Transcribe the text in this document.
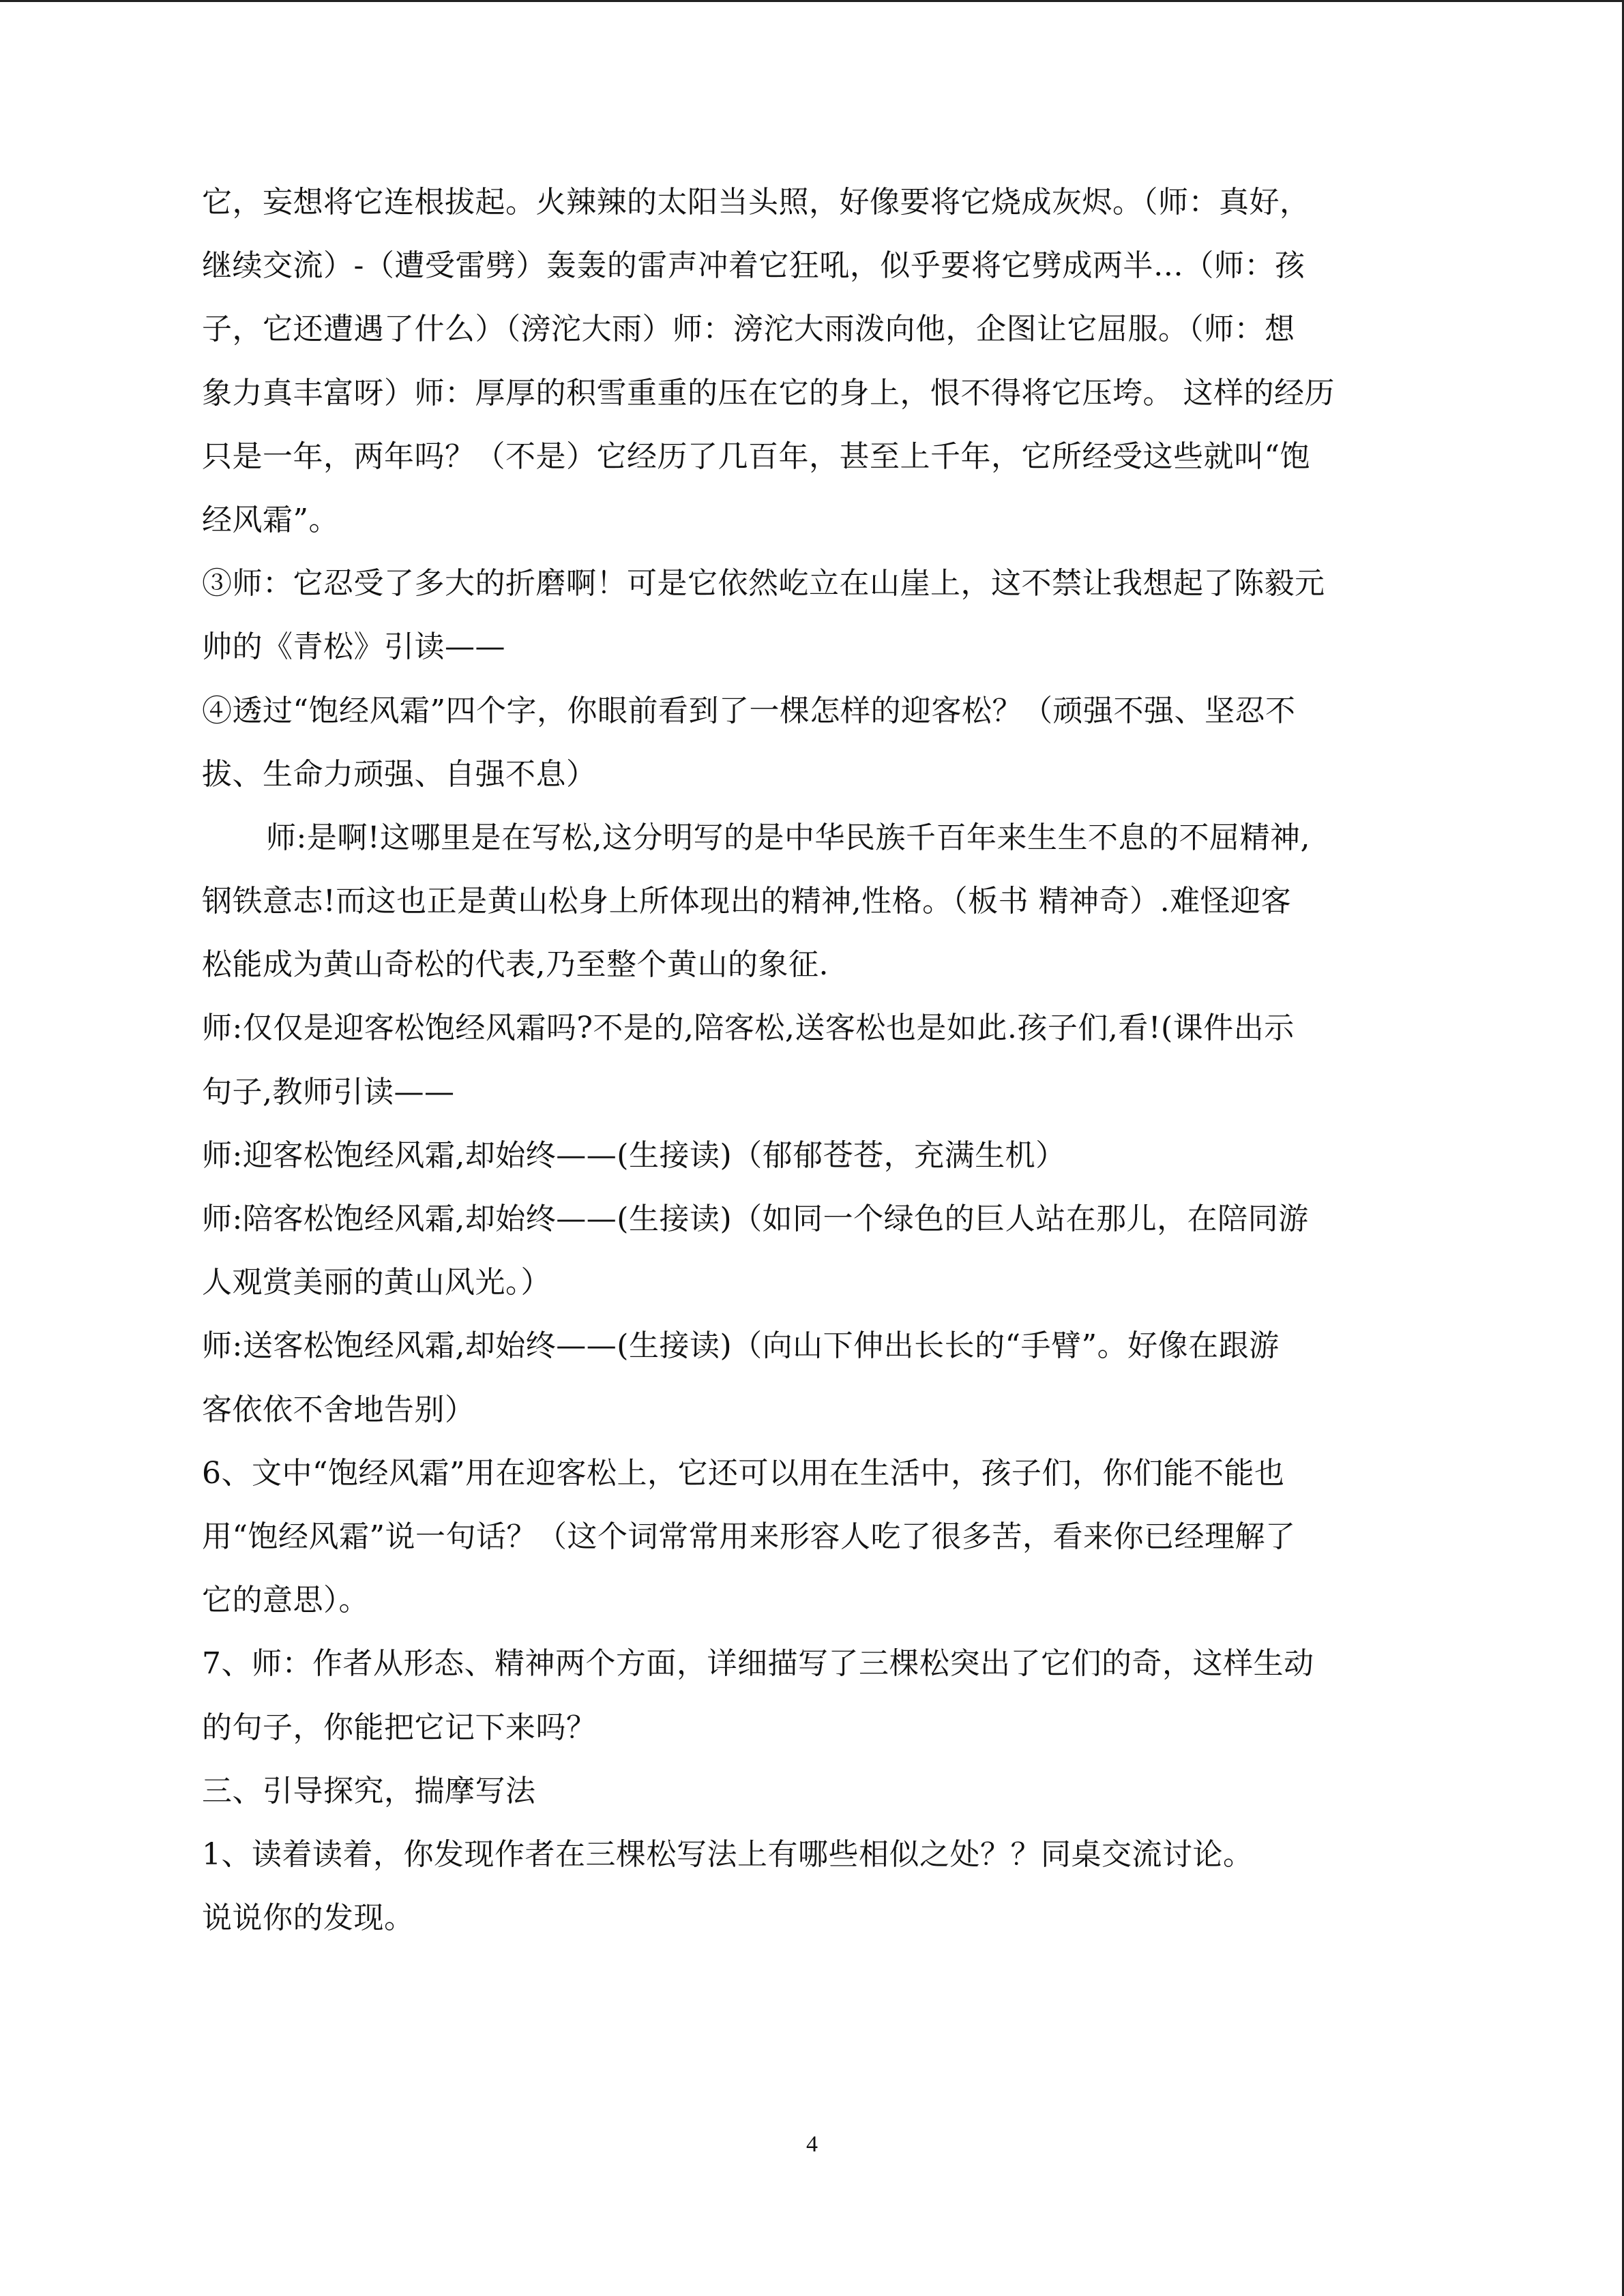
它，妄想将它连根拔起。火辣辣的太阳当头照，好像要将它烧成灰烬。（师：真好，

继续交流）-（遭受雷劈）轰轰的雷声冲着它狂吼，似乎要将它劈成两半…（师：孩

子，它还遭遇了什么）（滂沱大雨）师：滂沱大雨泼向他，企图让它屈服。（师：想

象力真丰富呀）师：厚厚的积雪重重的压在它的身上，恨不得将它压垮。 这样的经历

只是一年，两年吗？（不是）它经历了几百年，甚至上千年，它所经受这些就叫“饱

经风霜”。

③师：它忍受了多大的折磨啊！可是它依然屹立在山崖上，这不禁让我想起了陈毅元

帅的《青松》引读——

④透过“饱经风霜”四个字，你眼前看到了一棵怎样的迎客松？（顽强不强、坚忍不

拔、生命力顽强、自强不息）

师:是啊!这哪里是在写松,这分明写的是中华民族千百年来生生不息的不屈精神,

钢铁意志!而这也正是黄山松身上所体现出的精神,性格。（板书 精神奇）.难怪迎客

松能成为黄山奇松的代表,乃至整个黄山的象征.

师:仅仅是迎客松饱经风霜吗?不是的,陪客松,送客松也是如此.孩子们,看!(课件出示

句子,教师引读——

师:迎客松饱经风霜,却始终——(生接读)（郁郁苍苍，充满生机）

师:陪客松饱经风霜,却始终——(生接读)（如同一个绿色的巨人站在那儿，在陪同游

人观赏美丽的黄山风光。）

师:送客松饱经风霜,却始终——(生接读)（向山下伸出长长的“手臂”。好像在跟游

客依依不舍地告别）

6、文中“饱经风霜”用在迎客松上，它还可以用在生活中，孩子们，你们能不能也

用“饱经风霜”说一句话？（这个词常常用来形容人吃了很多苦，看来你已经理解了

它的意思）。

7、师：作者从形态、精神两个方面，详细描写了三棵松突出了它们的奇，这样生动

的句子，你能把它记下来吗？

三、引导探究，揣摩写法

1、读着读着，你发现作者在三棵松写法上有哪些相似之处？？同桌交流讨论。

说说你的发现。

4
